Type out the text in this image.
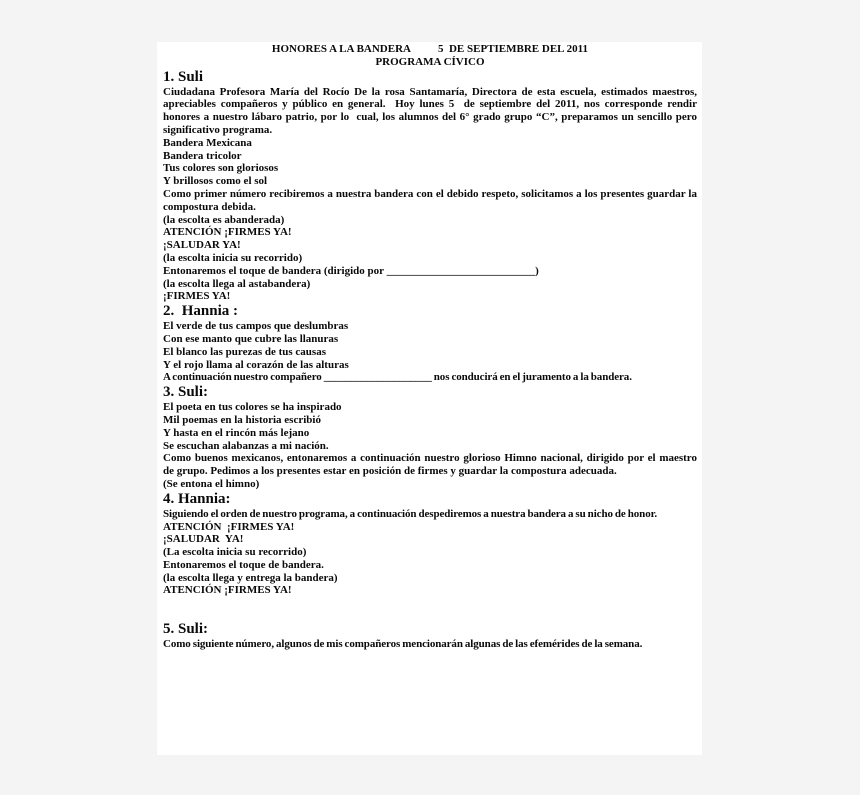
HONORES A LA BANDERA 5  DE SEPTIEMBRE DEL 2011
PROGRAMA CÍVICO
1. Suli

Ciudadana Profesora María del Rocío De la rosa Santamaría, Directora de esta escuela, estimados maestros, apreciables compañeros y público en general.  Hoy lunes 5  de septiembre del 2011, nos corresponde rendir honores a nuestro lábaro patrio, por lo  cual, los alumnos del 6° grado grupo “C”, preparamos un sencillo pero significativo programa.

Bandera Mexicana
Bandera tricolor
Tus colores son gloriosos
Y brillosos como el sol

Como primer número recibiremos a nuestra bandera con el debido respeto, solicitamos a los presentes guardar la compostura debida.

(la escolta es abanderada)
ATENCIÓN ¡FIRMES YA!
¡SALUDAR YA!
(la escolta inicia su recorrido)
Entonaremos el toque de bandera (dirigido por ___________________________)
(la escolta llega al astabandera)
¡FIRMES YA!
2.  Hannia :
El verde de tus campos que deslumbras
Con ese manto que cubre las llanuras
El blanco las purezas de tus causas
Y el rojo llama al corazón de las alturas

A continuación nuestro compañero ____________________ nos conducirá en el juramento a la bandera.

3. Suli:
El poeta en tus colores se ha inspirado
Mil poemas en la historia escribió
Y hasta en el rincón más lejano
Se escuchan alabanzas a mi nación.

Como buenos mexicanos, entonaremos a continuación nuestro glorioso Himno nacional, dirigido por el maestro de grupo. Pedimos a los presentes estar en posición de firmes y guardar la compostura adecuada.

(Se entona el himno)
4. Hannia:

Siguiendo el orden de nuestro programa, a continuación despediremos a nuestra bandera a su nicho de honor.

ATENCIÓN  ¡FIRMES YA!
¡SALUDAR  YA!
(La escolta inicia su recorrido)
Entonaremos el toque de bandera.
(la escolta llega y entrega la bandera)
ATENCIÓN ¡FIRMES YA!
5. Suli:

Como siguiente número, algunos de mis compañeros mencionarán algunas de las efemérides de la semana.
